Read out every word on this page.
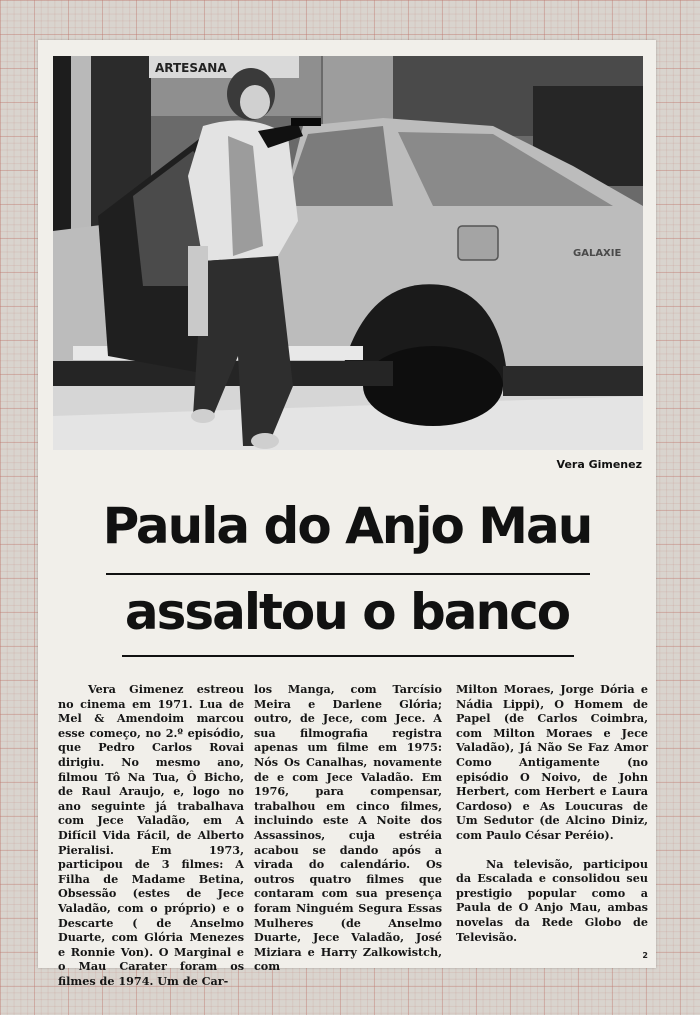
ARTESANA
GALAXIE
Vera Gimenez
Paula do Anjo Mau
assaltou o banco

Vera Gimenez estreou no cinema em 1971. Lua de Mel & Amendoim marcou esse começo, no 2.º episódio, que Pedro Carlos Rovai dirigiu. No mesmo ano, filmou Tô Na Tua, Ô Bicho, de Raul Araujo, e, logo no ano seguinte já trabalhava com Jece Valadão, em A Difícil Vida Fácil, de Alberto Pieralisi. Em 1973, participou de 3 filmes: A Filha de Madame Betina, Obsessão (estes de Jece Valadão, com o próprio) e o Descarte ( de Anselmo Duarte, com Glória Menezes e Ronnie Von). O Marginal e o Mau Carater foram os filmes de 1974. Um de Car-

los Manga, com Tarcísio Meira e Darlene Glória; outro, de Jece, com Jece. A sua filmografia registra apenas um filme em 1975: Nós Os Canalhas, novamente de e com Jece Valadão. Em 1976, para compensar, trabalhou em cinco filmes, incluindo este A Noite dos Assassinos, cuja estréia acabou se dando após a virada do calendário. Os outros quatro filmes que contaram com sua presença foram Ninguém Segura Essas Mulheres (de Anselmo Duarte, Jece Valadão, José Miziara e Harry Zalkowistch, com

Milton Moraes, Jorge Dória e Nádia Lippi), O Homem de Papel (de Carlos Coimbra, com Milton Moraes e Jece Valadão), Já Não Se Faz Amor Como Antigamente (no episódio O Noivo, de John Herbert, com Herbert e Laura Cardoso) e As Loucuras de Um Sedutor (de Alcino Diniz, com Paulo César Peréio).

Na televisão, participou da Escalada e consolidou seu prestigio popular como a Paula de O Anjo Mau, ambas novelas da Rede Globo de Televisão.

2
